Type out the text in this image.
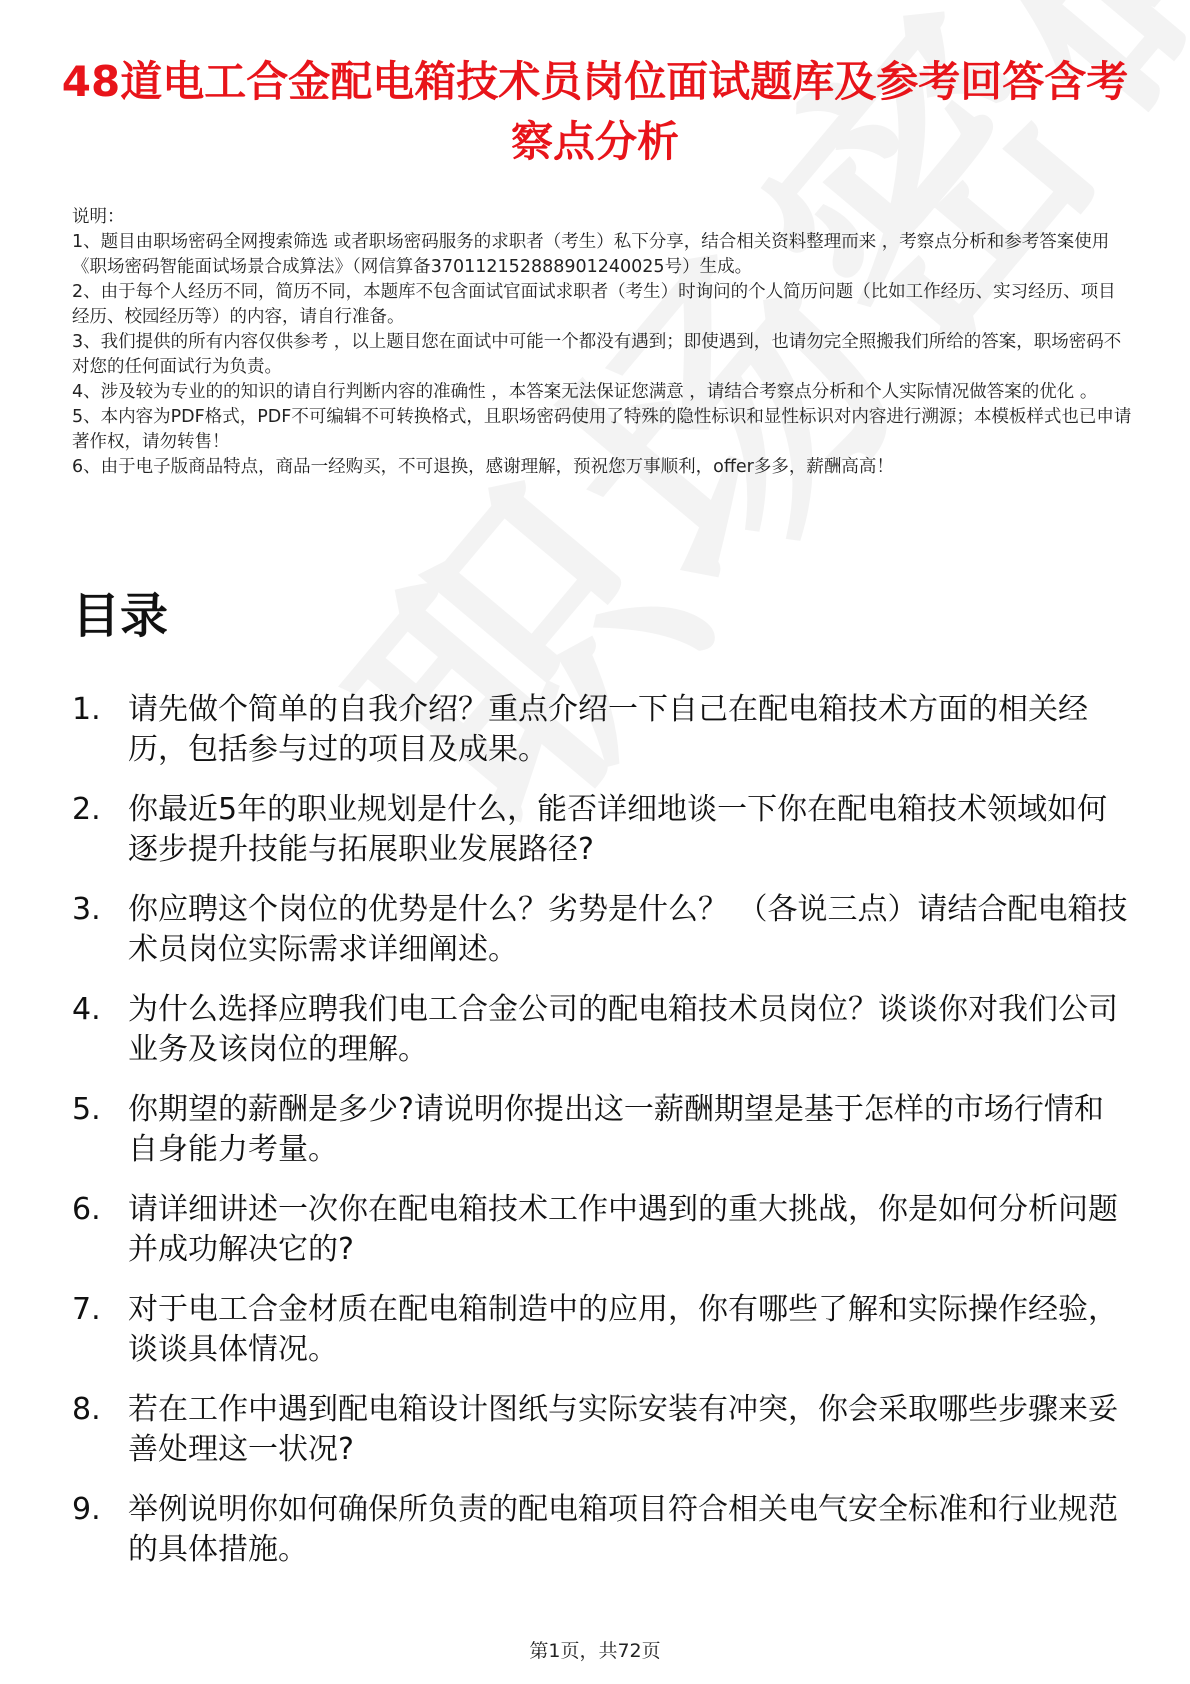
48道电工合金配电箱技术员岗位面试题库及参考回答含考察点分析

说明：

1、题目由职场密码全网搜索筛选 或者职场密码服务的求职者（考生）私下分享，结合相关资料整理而来 ，考察点分析和参考答案使用《职场密码智能面试场景合成算法》（网信算备370112152888901240025号）生成。

2、由于每个人经历不同，简历不同，本题库不包含面试官面试求职者（考生）时询问的个人简历问题（比如工作经历、实习经历、项目经历、校园经历等）的内容，请自行准备。

3、我们提供的所有内容仅供参考 ，以上题目您在面试中可能一个都没有遇到；即使遇到，也请勿完全照搬我们所给的答案，职场密码不对您的任何面试行为负责。

4、涉及较为专业的的知识的请自行判断内容的准确性 ，本答案无法保证您满意 ，请结合考察点分析和个人实际情况做答案的优化 。

5、本内容为PDF格式，PDF不可编辑不可转换格式，且职场密码使用了特殊的隐性标识和显性标识对内容进行溯源；本模板样式也已申请著作权，请勿转售！

6、由于电子版商品特点，商品一经购买，不可退换，感谢理解，预祝您万事顺利，offer多多，薪酬高高！

目录
1. 请先做个简单的自我介绍？重点介绍一下自己在配电箱技术方面的相关经历，包括参与过的项目及成果。
2. 你最近5年的职业规划是什么，能否详细地谈一下你在配电箱技术领域如何逐步提升技能与拓展职业发展路径?
3. 你应聘这个岗位的优势是什么？劣势是什么？ （各说三点）请结合配电箱技术员岗位实际需求详细阐述。
4. 为什么选择应聘我们电工合金公司的配电箱技术员岗位？谈谈你对我们公司业务及该岗位的理解。
5. 你期望的薪酬是多少?请说明你提出这一薪酬期望是基于怎样的市场行情和自身能力考量。
6. 请详细讲述一次你在配电箱技术工作中遇到的重大挑战，你是如何分析问题并成功解决它的?
7. 对于电工合金材质在配电箱制造中的应用，你有哪些了解和实际操作经验，谈谈具体情况。
8. 若在工作中遇到配电箱设计图纸与实际安装有冲突，你会采取哪些步骤来妥善处理这一状况?
9. 举例说明你如何确保所负责的配电箱项目符合相关电气安全标准和行业规范的具体措施。
第1页，共72页
